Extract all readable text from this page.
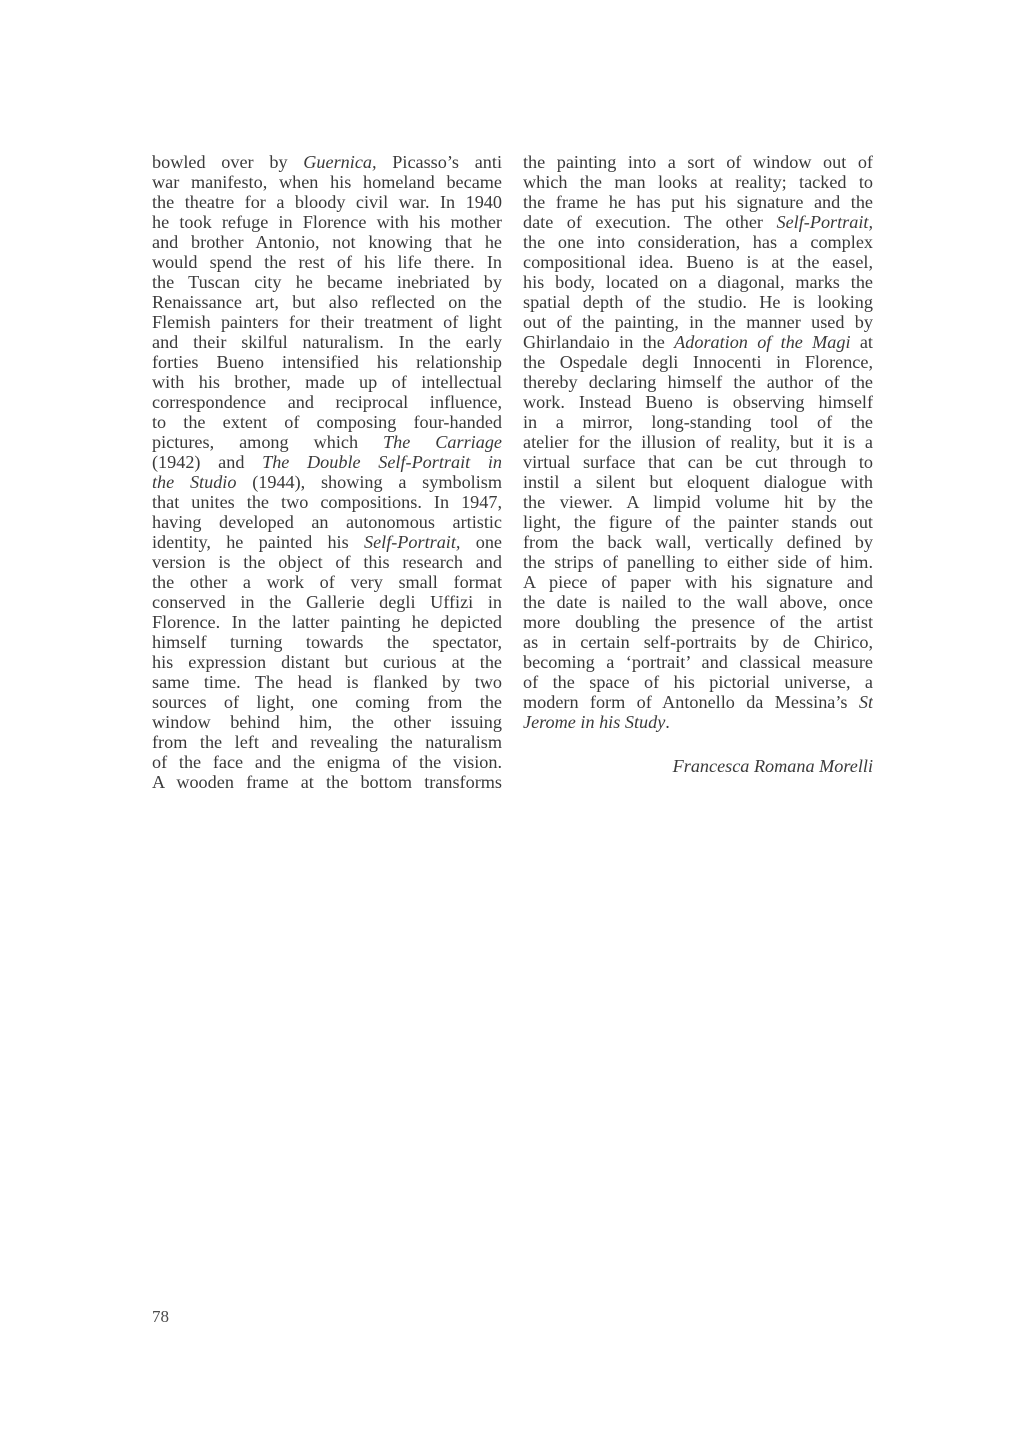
bowled over by Guernica, Picasso’s anti
war manifesto, when his homeland became
the theatre for a bloody civil war. In 1940
he took refuge in Florence with his mother
and brother Antonio, not knowing that he
would spend the rest of his life there. In
the Tuscan city he became inebriated by
Renaissance art, but also reflected on the
Flemish painters for their treatment of light
and their skilful naturalism. In the early
forties Bueno intensified his relationship
with his brother, made up of intellectual
correspondence and reciprocal influence,
to the extent of composing four-handed
pictures, among which The Carriage
(1942) and The Double Self-Portrait in
the Studio (1944), showing a symbolism
that unites the two compositions. In 1947,
having developed an autonomous artistic
identity, he painted his Self-Portrait, one
version is the object of this research and
the other a work of very small format
conserved in the Gallerie degli Uffizi in
Florence. In the latter painting he depicted
himself turning towards the spectator,
his expression distant but curious at the
same time. The head is flanked by two
sources of light, one coming from the
window behind him, the other issuing
from the left and revealing the naturalism
of the face and the enigma of the vision.
A wooden frame at the bottom transforms
the painting into a sort of window out of
which the man looks at reality; tacked to
the frame he has put his signature and the
date of execution. The other Self-Portrait,
the one into consideration, has a complex
compositional idea. Bueno is at the easel,
his body, located on a diagonal, marks the
spatial depth of the studio. He is looking
out of the painting, in the manner used by
Ghirlandaio in the Adoration of the Magi at
the Ospedale degli Innocenti in Florence,
thereby declaring himself the author of the
work. Instead Bueno is observing himself
in a mirror, long-standing tool of the
atelier for the illusion of reality, but it is a
virtual surface that can be cut through to
instil a silent but eloquent dialogue with
the viewer. A limpid volume hit by the
light, the figure of the painter stands out
from the back wall, vertically defined by
the strips of panelling to either side of him.
A piece of paper with his signature and
the date is nailed to the wall above, once
more doubling the presence of the artist
as in certain self-portraits by de Chirico,
becoming a ‘portrait’ and classical measure
of the space of his pictorial universe, a
modern form of Antonello da Messina’s St
Jerome in his Study.
Francesca Romana Morelli
78
